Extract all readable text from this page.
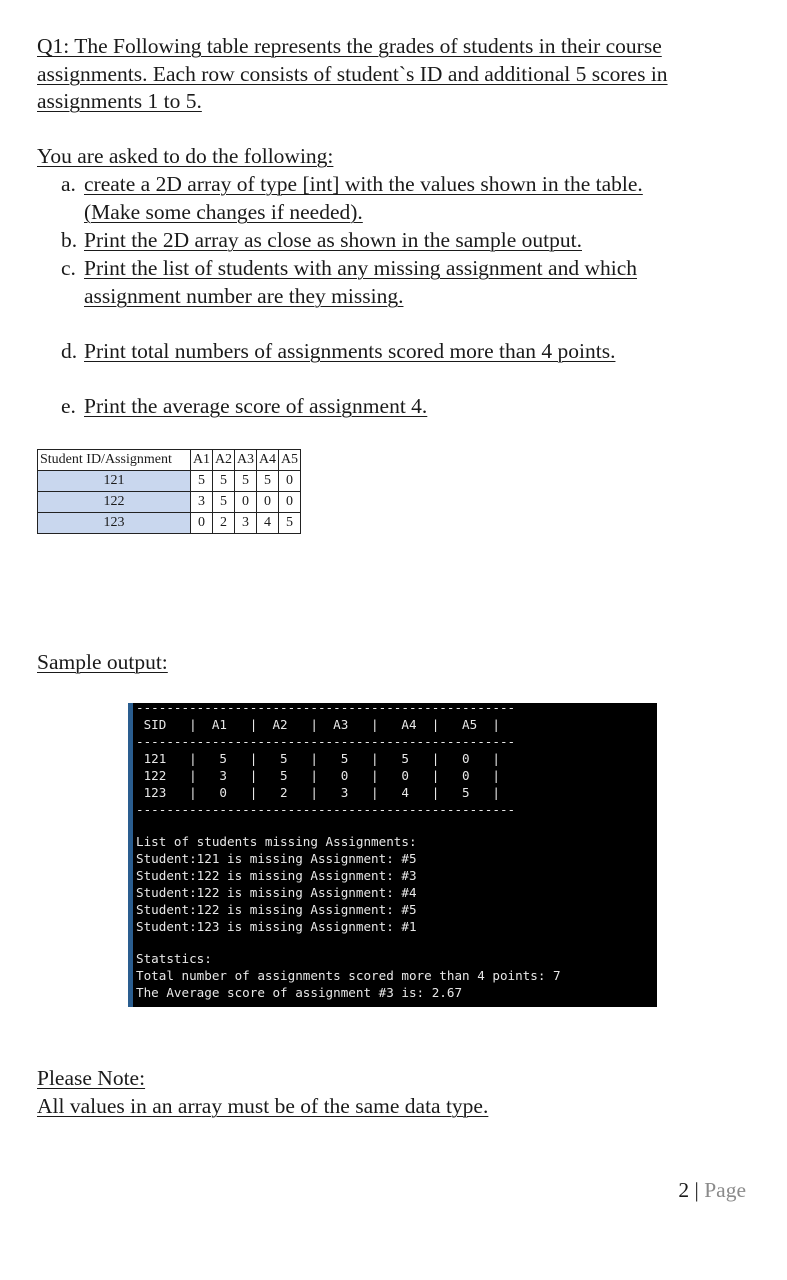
Q1: The Following table represents the grades of students in their course assignments. Each row consists of student`s ID and additional 5 scores in assignments 1 to 5.
You are asked to do the following:
a. create a 2D array of type [int] with the values shown in the table.
(Make some changes if needed).
b. Print the 2D array as close as shown in the sample output.
c. Print the list of students with any missing assignment and which
assignment number are they missing.
d. Print total numbers of assignments scored more than 4 points.
e. Print the average score of assignment 4.
Student ID/Assignment	A1	A2	A3	A4	A5
121	5	5	5	5	0
122	3	5	0	0	0
123	0	2	3	4	5
Sample output:
--------------------------------------------------
SID   |  A1   |  A2   |  A3   |   A4  |   A5  |
--------------------------------------------------
121   |   5   |   5   |   5   |   5   |   0   |
122   |   3   |   5   |   0   |   0   |   0   |
123   |   0   |   2   |   3   |   4   |   5   |
--------------------------------------------------
List of students missing Assignments:
Student:121 is missing Assignment: #5
Student:122 is missing Assignment: #3
Student:122 is missing Assignment: #4
Student:122 is missing Assignment: #5
Student:123 is missing Assignment: #1
Statstics:
Total number of assignments scored more than 4 points: 7
The Average score of assignment #3 is: 2.67
Please Note:
All values in an array must be of the same data type.
2 | Page
